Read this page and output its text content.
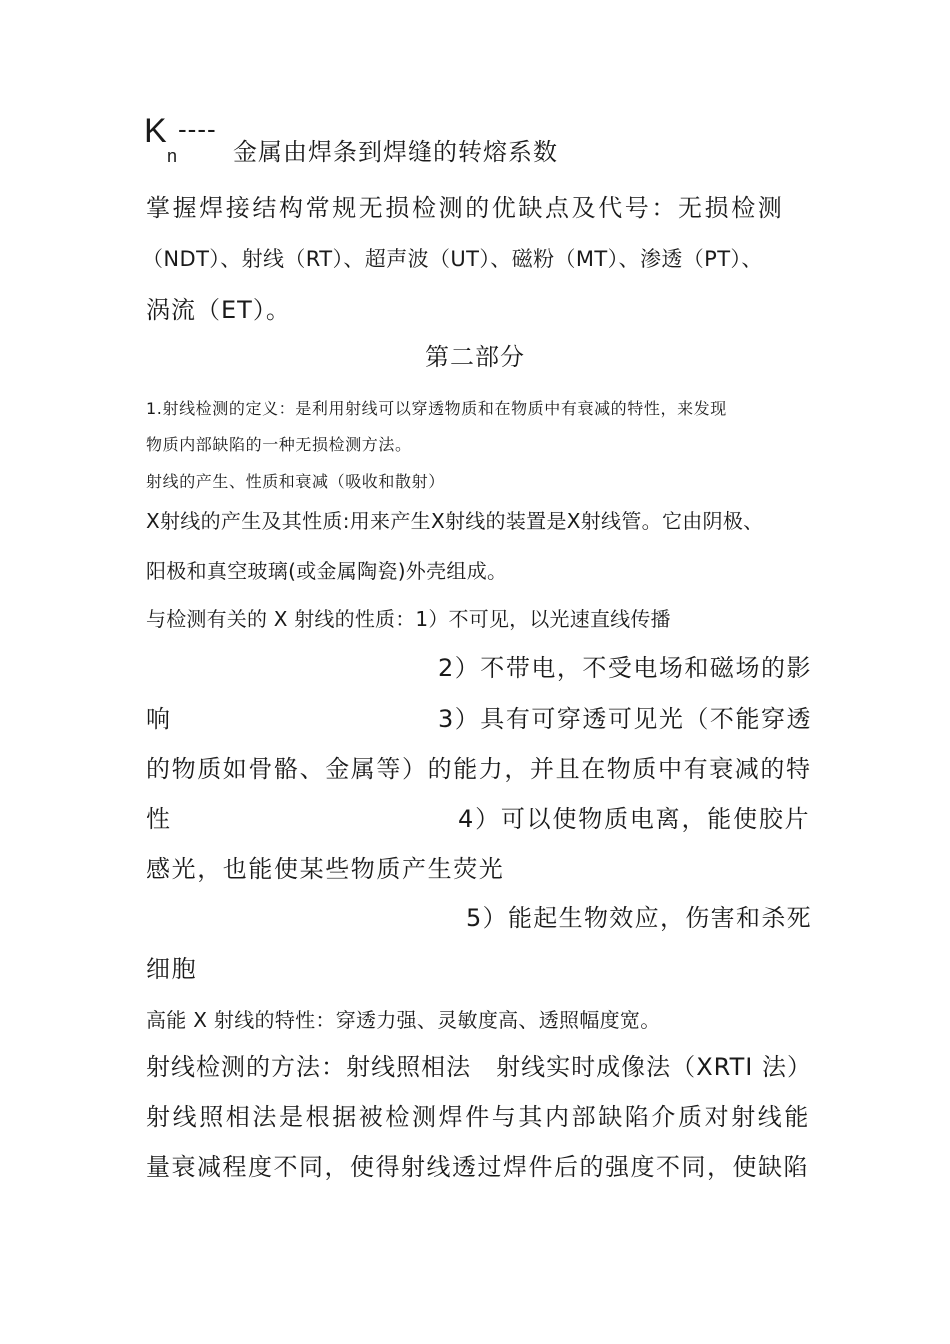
K
n
----
金属由焊条到焊缝的转熔系数
掌握焊接结构常规无损检测的优缺点及代号：无损检测
（NDT）、射线（RT）、超声波（UT）、磁粉（MT）、渗透（PT）、
涡流（ET）。
第二部分
1.射线检测的定义：是利用射线可以穿透物质和在物质中有衰减的特性，来发现
物质内部缺陷的一种无损检测方法。
射线的产生、性质和衰减（吸收和散射）
X射线的产生及其性质:用来产生X射线的装置是X射线管。它由阴极、
阳极和真空玻璃(或金属陶瓷)外壳组成。
与检测有关的 X 射线的性质：1）不可见，以光速直线传播
2）不带电，不受电场和磁场的影
响	3）具有可穿透可见光（不能穿透
的物质如骨骼、金属等）的能力，并且在物质中有衰减的特
性	4）可以使物质电离，能使胶片
感光，也能使某些物质产生荧光
5）能起生物效应，伤害和杀死
细胞
高能 X 射线的特性：穿透力强、灵敏度高、透照幅度宽。
射线检测的方法：射线照相法　射线实时成像法（XRTI 法）
射线照相法是根据被检测焊件与其内部缺陷介质对射线能
量衰减程度不同，使得射线透过焊件后的强度不同，使缺陷
